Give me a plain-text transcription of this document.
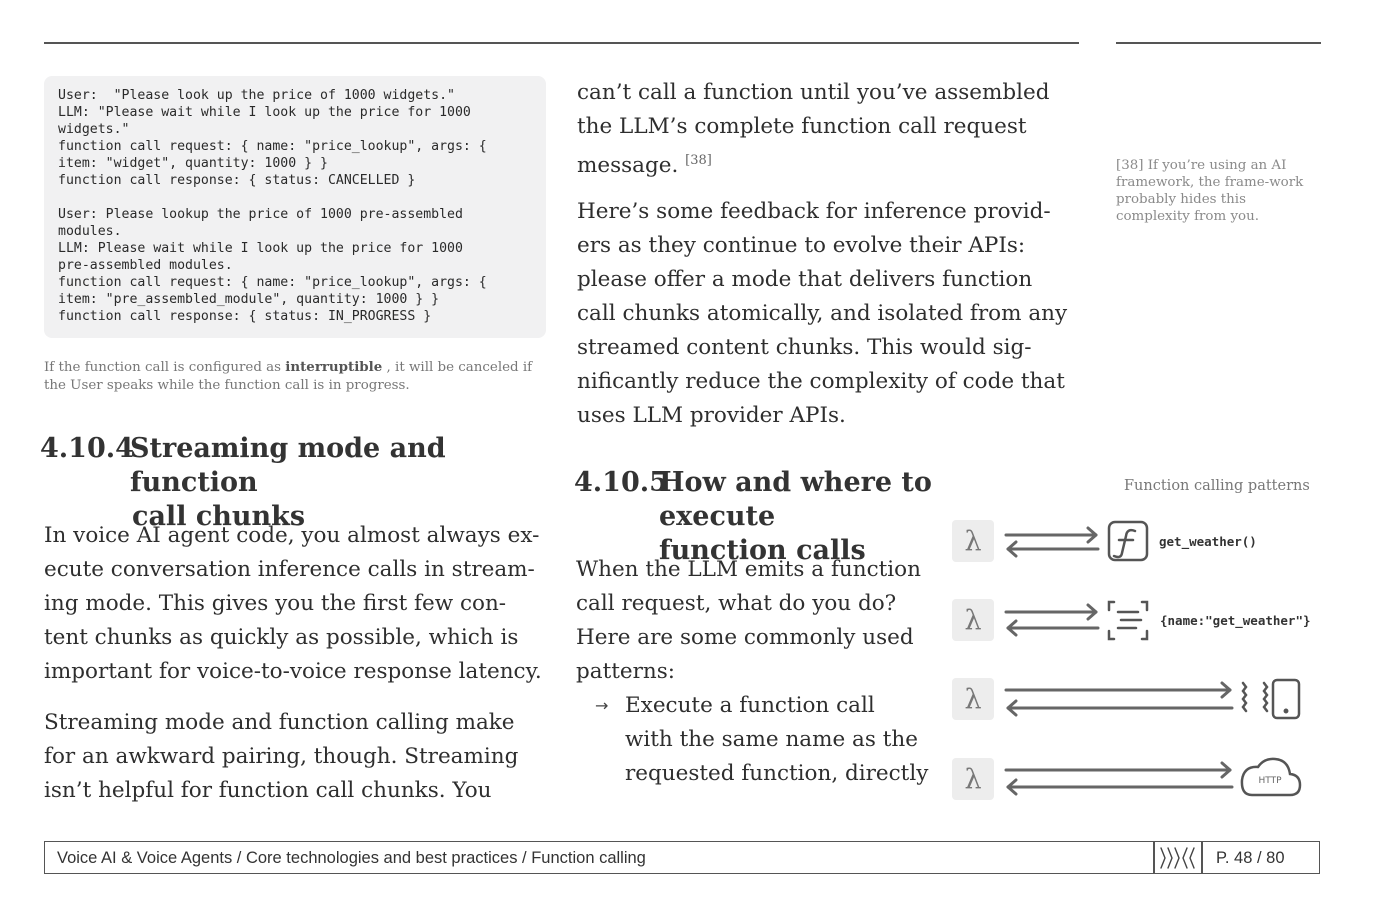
User:  "Please look up the price of 1000 widgets."
LLM: "Please wait while I look up the price for 1000
widgets."
function call request: { name: "price_lookup", args: {
item: "widget", quantity: 1000 } }
function call response: { status: CANCELLED }

User: Please lookup the price of 1000 pre-assembled
modules.
LLM: Please wait while I look up the price for 1000
pre-assembled modules.
function call request: { name: "price_lookup", args: {
item: "pre_assembled_module", quantity: 1000 } }
function call response: { status: IN_PROGRESS }
If the function call is configured as interruptible , it will be canceled if the User speaks while the function call is in progress.
4.10.4
Streaming mode and function
call chunks
In voice AI agent code, you almost always ex-
ecute conversation inference calls in stream-
ing mode. This gives you the first few con-
tent chunks as quickly as possible, which is
important for voice-to-voice response latency.
Streaming mode and function calling make
for an awkward pairing, though. Streaming
isn’t helpful for function call chunks. You
can’t call a function until you’ve assembled
the LLM’s complete function call request
message. [38]
Here’s some feedback for inference provid-
ers as they continue to evolve their APIs:
please offer a mode that delivers function
call chunks atomically, and isolated from any
streamed content chunks. This would sig-
nificantly reduce the complexity of code that
uses LLM provider APIs.
[38] If you’re using an AI framework, the frame-work probably hides this complexity from you.
4.10.5
How and where to execute
function calls
When the LLM emits a function
call request, what do you do?
Here are some commonly used
patterns:
→ Execute a function call
with the same name as the
requested function, directly
Function calling patterns
λ
λ
λ
λ	HTTP
get_weather()
{name:"get_weather"}
Voice AI & Voice Agents / Core technologies and best practices / Function calling	P. 48 / 80
